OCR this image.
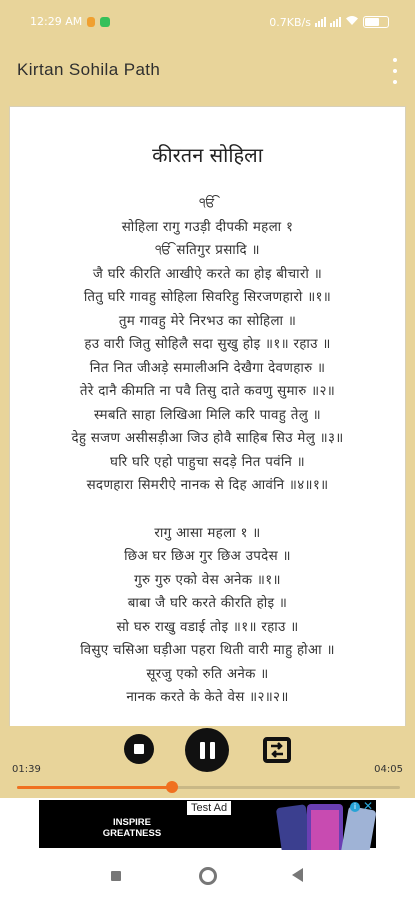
12:29 AM	0.7KB/s
Kirtan Sohila Path
कीरतन सोहिला
ੴ
सोहिला रागु गउड़ी दीपकी महला १
ੴ सतिगुर प्रसादि ॥
जै घरि कीरति आखीऐ करते का होइ बीचारो ॥
तितु घरि गावहु सोहिला सिवरिहु सिरजणहारो ॥१॥
तुम गावहु मेरे निरभउ का सोहिला ॥
हउ वारी जितु सोहिलै सदा सुखु होइ ॥१॥ रहाउ ॥
नित नित जीअड़े समालीअनि देखैगा देवणहारु ॥
तेरे दानै कीमति ना पवै तिसु दाते कवणु सुमारु ॥२॥
स्मबति साहा लिखिआ मिलि करि पावहु तेलु ॥
देहु सजण असीसड़ीआ जिउ होवै साहिब सिउ मेलु ॥३॥
घरि घरि एहो पाहुचा सदड़े नित पवंनि ॥
सदणहारा सिमरीऐ नानक से दिह आवंनि ॥४॥१॥
रागु आसा महला १ ॥
छिअ घर छिअ गुर छिअ उपदेस ॥
गुरु गुरु एको वेस अनेक ॥१॥
बाबा जै घरि करते कीरति होइ ॥
सो घरु राखु वडाई तोइ ॥१॥ रहाउ ॥
विसुए चसिआ घड़ीआ पहरा थिती वारी माहु होआ ॥
सूरजु एको रुति अनेक ॥
नानक करते के केते वेस ॥२॥२॥
01:39	04:05
INSPIRE GREATNESS
Test Ad	i ✕
